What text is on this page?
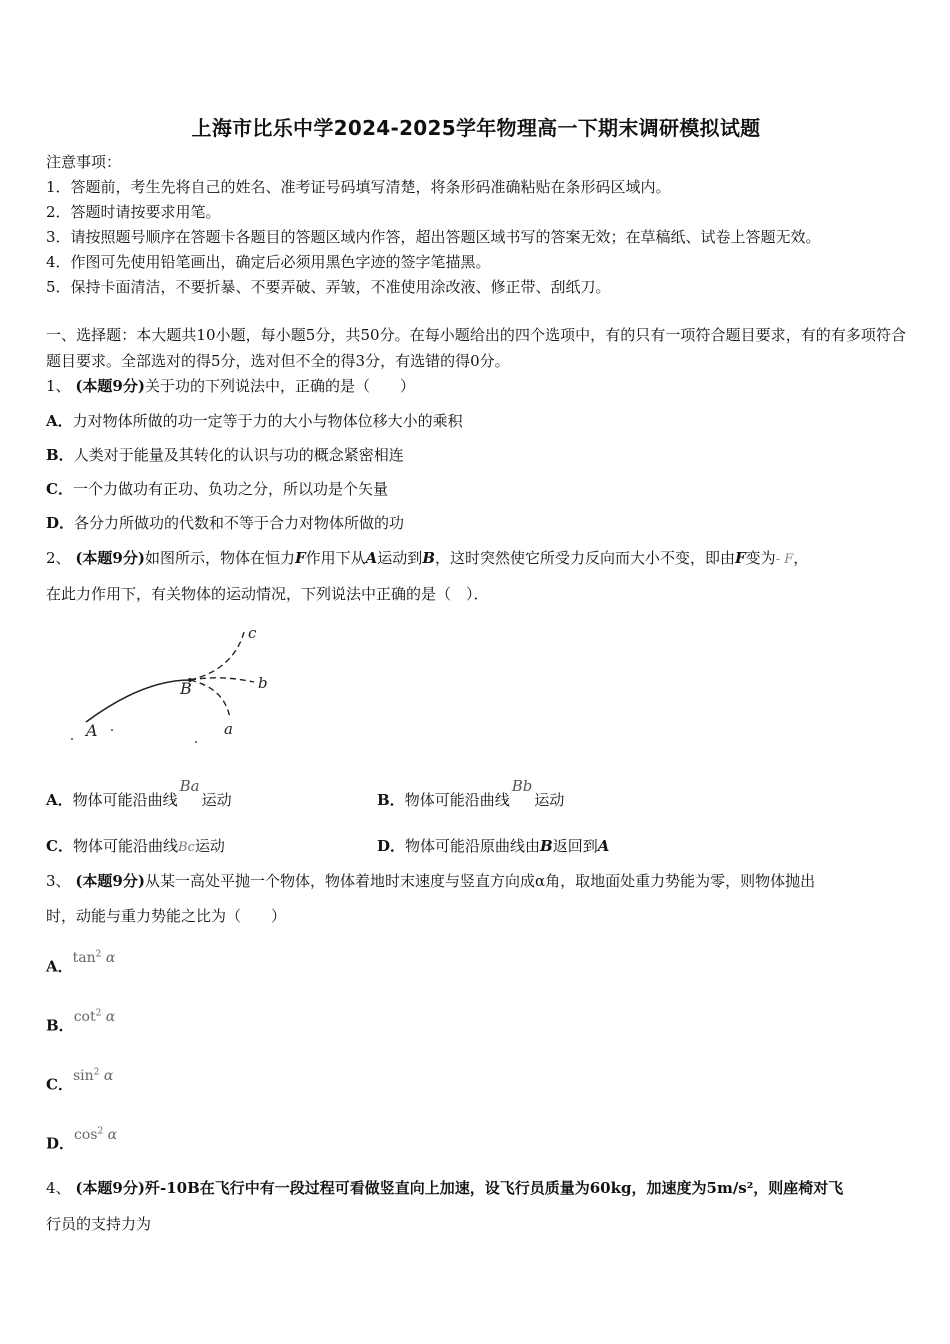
上海市比乐中学2024-2025学年物理高一下期末调研模拟试题
注意事项：
1．答题前，考生先将自己的姓名、准考证号码填写清楚，将条形码准确粘贴在条形码区域内。
2．答题时请按要求用笔。
3．请按照题号顺序在答题卡各题目的答题区域内作答，超出答题区域书写的答案无效；在草稿纸、试卷上答题无效。
4．作图可先使用铅笔画出，确定后必须用黑色字迹的签字笔描黑。
5．保持卡面清洁，不要折暴、不要弄破、弄皱，不准使用涂改液、修正带、刮纸刀。
一、选择题：本大题共10小题，每小题5分，共50分。在每小题给出的四个选项中，有的只有一项符合题目要求，有的有多项符合题目要求。全部选对的得5分，选对但不全的得3分，有选错的得0分。
1、 (本题9分)关于功的下列说法中，正确的是（　　）
A．力对物体所做的功一定等于力的大小与物体位移大小的乘积
B．人类对于能量及其转化的认识与功的概念紧密相连
C．一个力做功有正功、负功之分，所以功是个矢量
D．各分力所做功的代数和不等于合力对物体所做的功
2、 (本题9分)如图所示，物体在恒力F作用下从A运动到B，这时突然使它所受力反向而大小不变，即由F变为- F，
在此力作用下，有关物体的运动情况，下列说法中正确的是（　）．
A
B
c
b
a
A．物体可能沿曲线Ba运动	B．物体可能沿曲线Bb运动
C．物体可能沿曲线Bc运动	D．物体可能沿原曲线由B返回到A
3、 (本题9分)从某一高处平抛一个物体，物体着地时末速度与竖直方向成α角，取地面处重力势能为零，则物体抛出
时，动能与重力势能之比为（　　）
A．$\tan^2 \alpha$
B．$\cot^2 \alpha$
C．$\sin^2 \alpha$
D．$\cos^2 \alpha$
4、 (本题9分)歼-10B在飞行中有一段过程可看做竖直向上加速，设飞行员质量为60kg，加速度为5m/s²，则座椅对飞
行员的支持力为
